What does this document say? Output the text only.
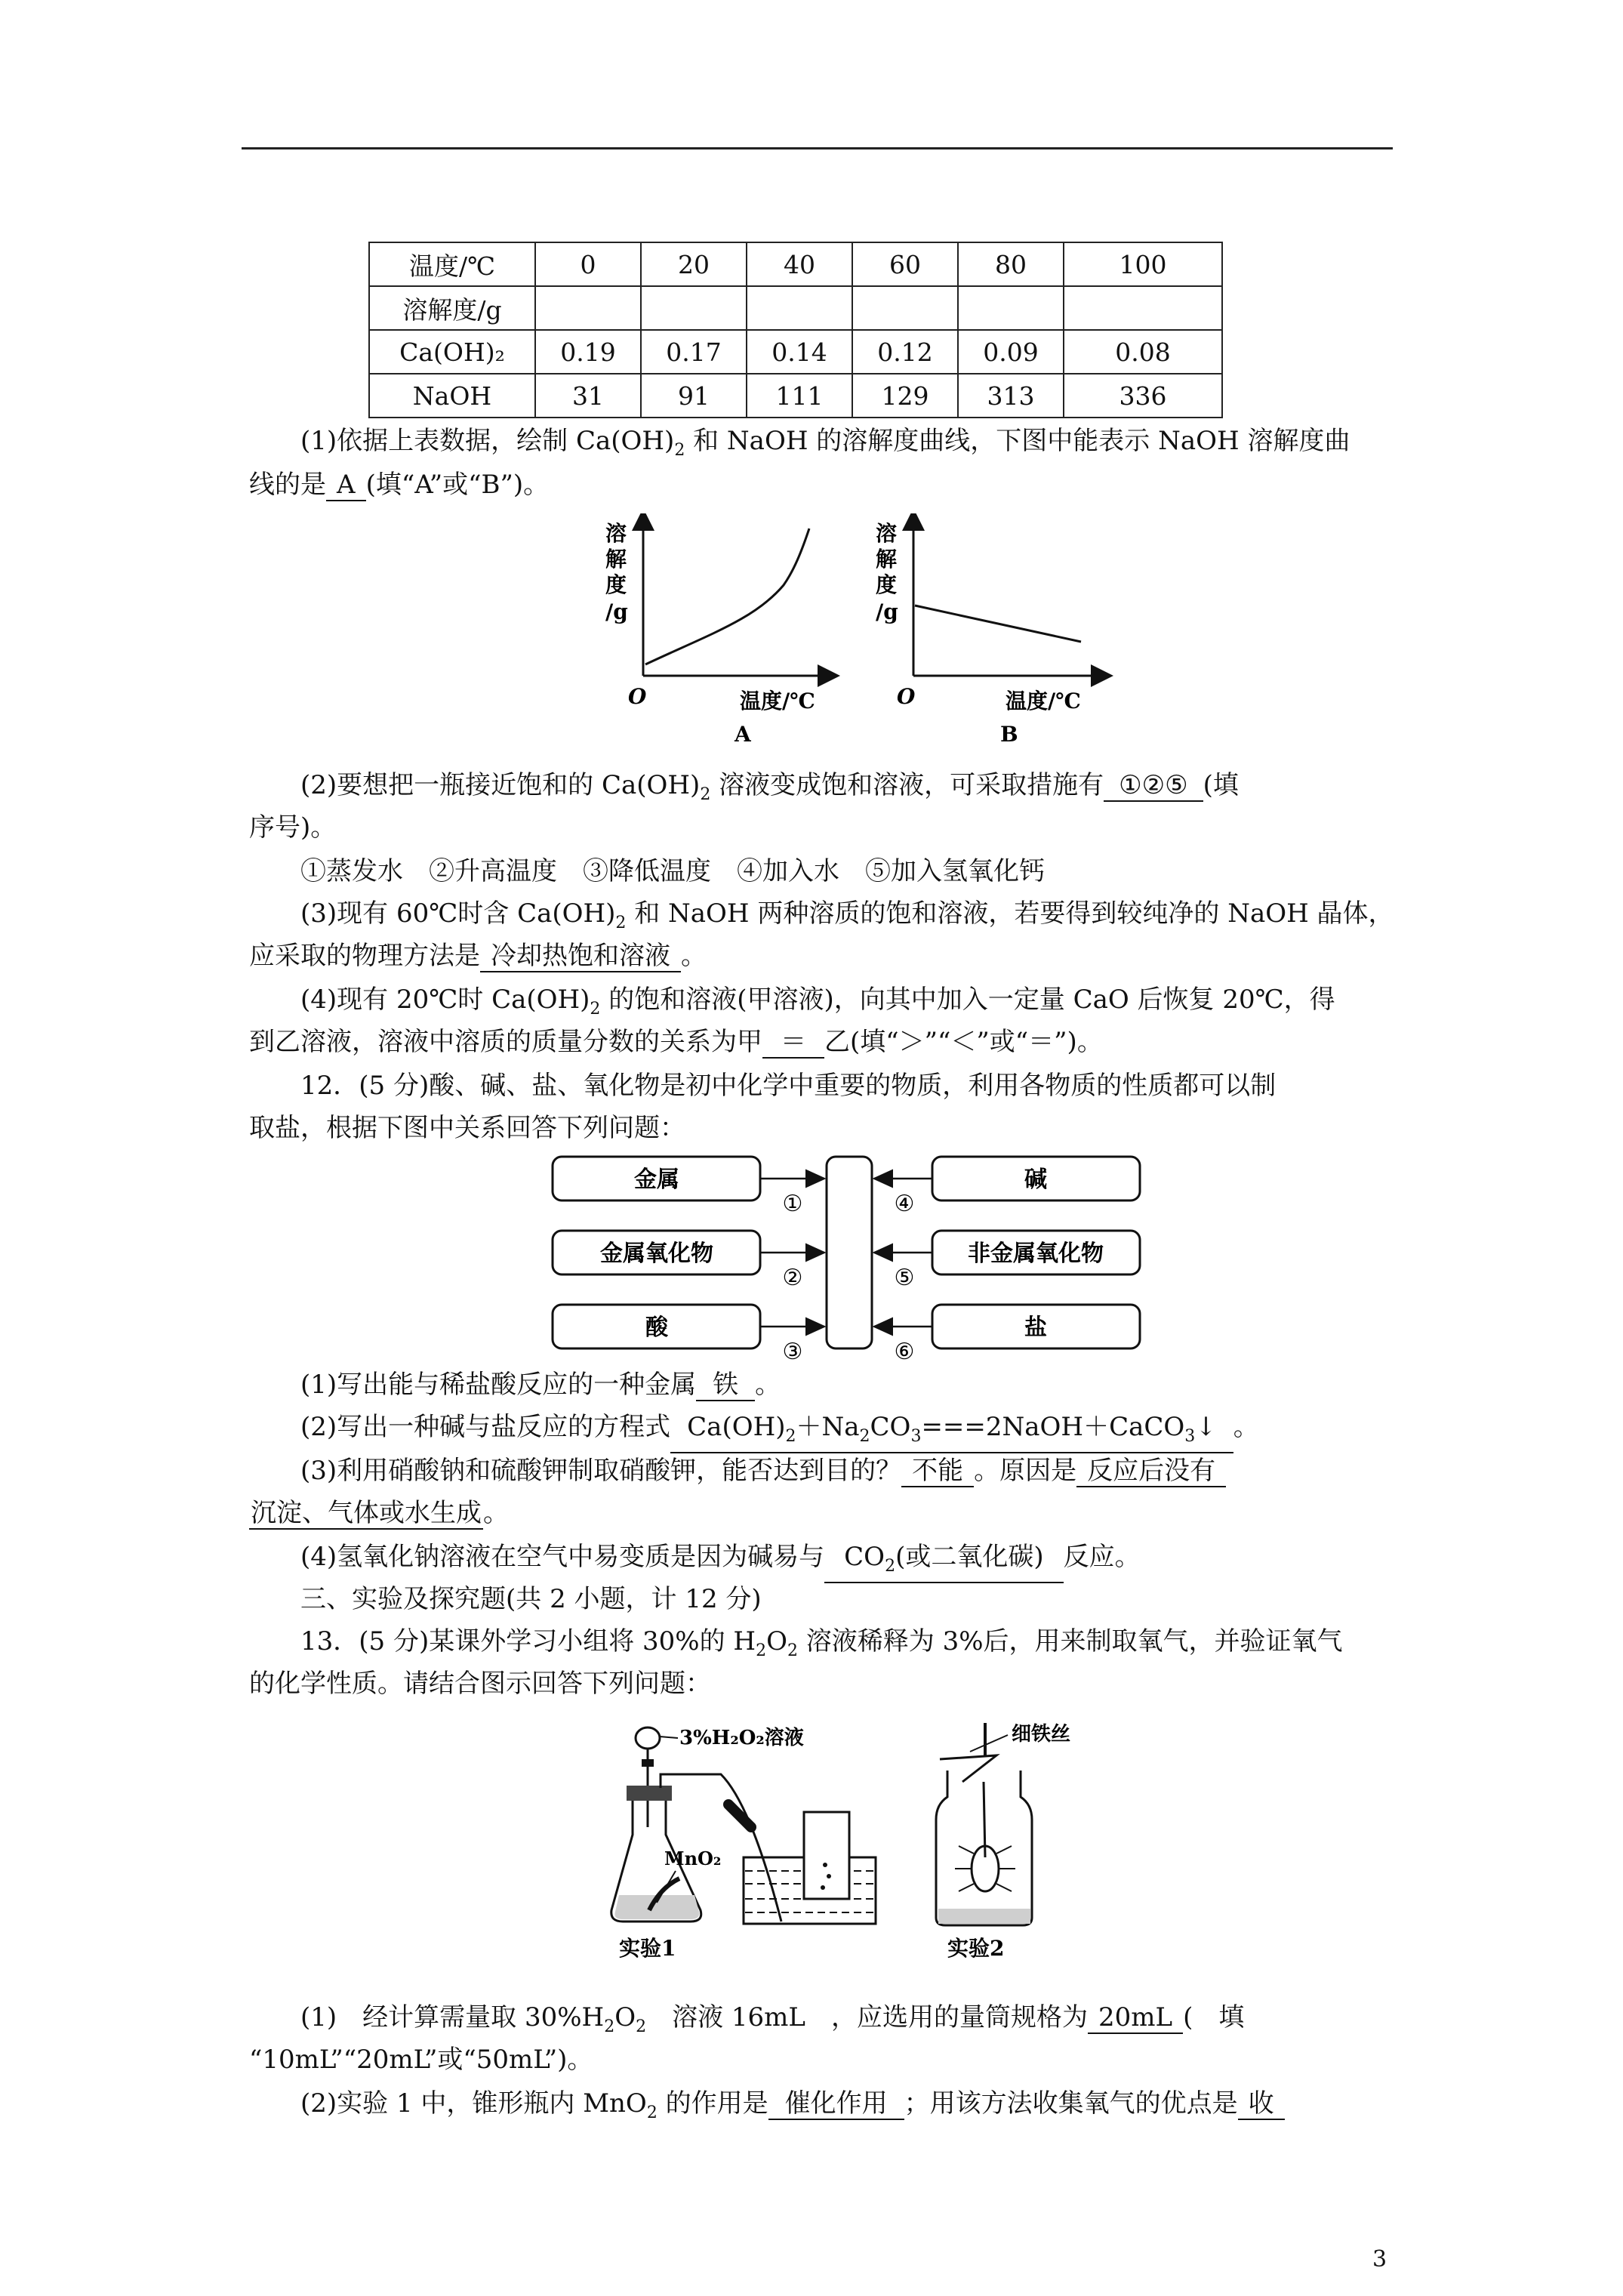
温度/℃	0	20	40	60	80	100
溶解度/g						
Ca(OH)₂	0.19	0.17	0.14	0.12	0.09	0.08
NaOH	31	91	111	129	313	336
(1)依据上表数据，绘制 $Ca(OH)_2$ 和 NaOH 的溶解度曲线，下图中能表示 NaOH 溶解度曲
线的是 A (填“A”或“B”)。
溶
解
度
/g
O	温度/℃
A
溶
解
度
/g
O	温度/℃
B
(2)要想把一瓶接近饱和的 $Ca(OH)_2$ 溶液变成饱和溶液，可采取措施有 ①②⑤ (填
序号)。
①蒸发水　②升高温度　③降低温度　④加入水　⑤加入氢氧化钙
(3)现有 60℃时含 $Ca(OH)_2$ 和 NaOH 两种溶质的饱和溶液，若要得到较纯净的 NaOH 晶体，
应采取的物理方法是 冷却热饱和溶液 。
(4)现有 20℃时 $Ca(OH)_2$ 的饱和溶液(甲溶液)，向其中加入一定量 CaO 后恢复 20℃，得
到乙溶液，溶液中溶质的质量分数的关系为甲 ＝ 乙(填“＞”“＜”或“＝”)。
12．(5 分)酸、碱、盐、氧化物是初中化学中重要的物质，利用各物质的性质都可以制
取盐，根据下图中关系回答下列问题：
金属
金属氧化物
酸
碱
非金属氧化物
盐
①
②
③
④
⑤
⑥
(1)写出能与稀盐酸反应的一种金属 铁 。
(2)写出一种碱与盐反应的方程式 $Ca(OH)_2+Na_2CO_3===2NaOH+CaCO_3↓$ 。
(3)利用硝酸钠和硫酸钾制取硝酸钾，能否达到目的？ 不能 。原因是 反应后没有
沉淀、气体或水生成。
(4)氢氧化钠溶液在空气中易变质是因为碱易与 $CO_2$(或二氧化碳) 反应。
三、实验及探究题(共 2 小题，计 12 分)
13．(5 分)某课外学习小组将 30%的 $H_2O_2$ 溶液稀释为 3%后，用来制取氧气，并验证氧气
的化学性质。请结合图示回答下列问题：
3%H₂O₂溶液
MnO₂
实验1
细铁丝
实验2
(1)　经计算需量取 $30\%H_2O_2$　溶液 16mL　，应选用的量筒规格为 20mL (　填
“10mL”“20mL”或“50mL”)。
(2)实验 1 中，锥形瓶内 MnO$_2$ 的作用是 催化作用 ；用该方法收集氧气的优点是 收
3
